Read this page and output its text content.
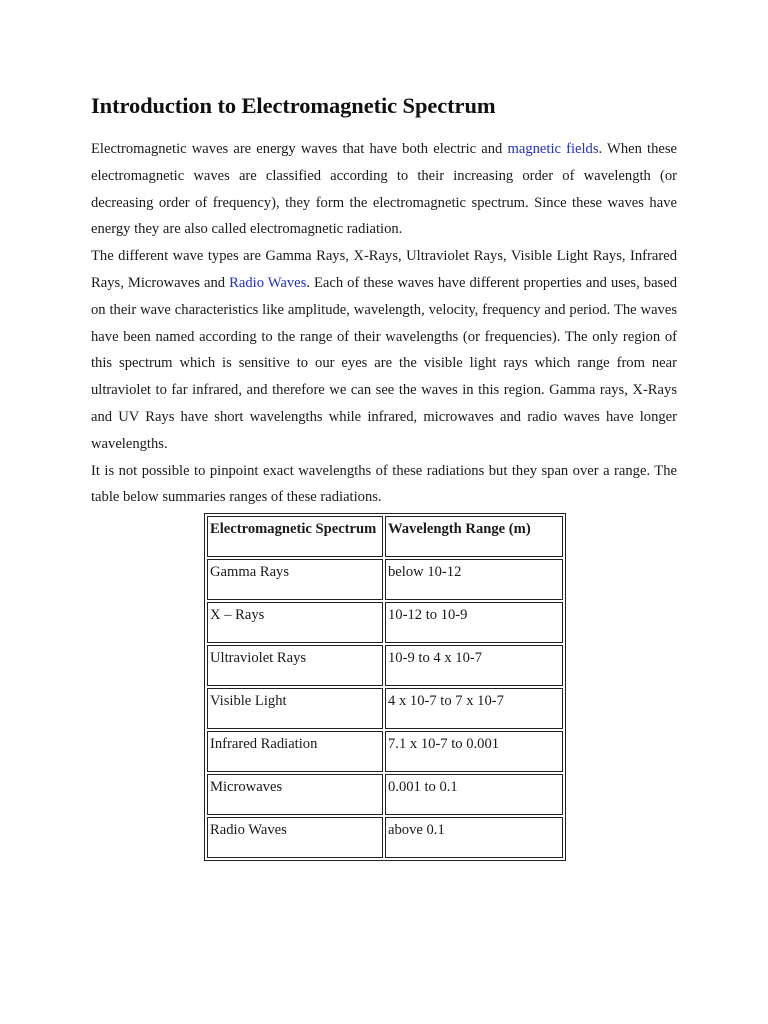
Introduction to Electromagnetic Spectrum

Electromagnetic waves are energy waves that have both electric and magnetic fields. When these electromagnetic waves are classified according to their increasing order of wavelength (or decreasing order of frequency), they form the electromagnetic spectrum. Since these waves have energy they are also called electromagnetic radiation.

The different wave types are Gamma Rays, X-Rays, Ultraviolet Rays, Visible Light Rays, Infrared Rays, Microwaves and Radio Waves. Each of these waves have different properties and uses, based on their wave characteristics like amplitude, wavelength, velocity, frequency and period. The waves have been named according to the range of their wavelengths (or frequencies). The only region of this spectrum which is sensitive to our eyes are the visible light rays which range from near ultraviolet to far infrared, and therefore we can see the waves in this region. Gamma rays, X-Rays and UV Rays have short wavelengths while infrared, microwaves and radio waves have longer wavelengths.

It is not possible to pinpoint exact wavelengths of these radiations but they span over a range. The table below summaries ranges of these radiations.

Electromagnetic Spectrum	Wavelength Range (m)
Gamma Rays	below 10-12
X – Rays	10-12 to 10-9
Ultraviolet Rays	10-9 to 4 x 10-7
Visible Light	4 x 10-7 to 7 x 10-7
Infrared Radiation	7.1 x 10-7 to 0.001
Microwaves	0.001 to 0.1
Radio Waves	above 0.1
